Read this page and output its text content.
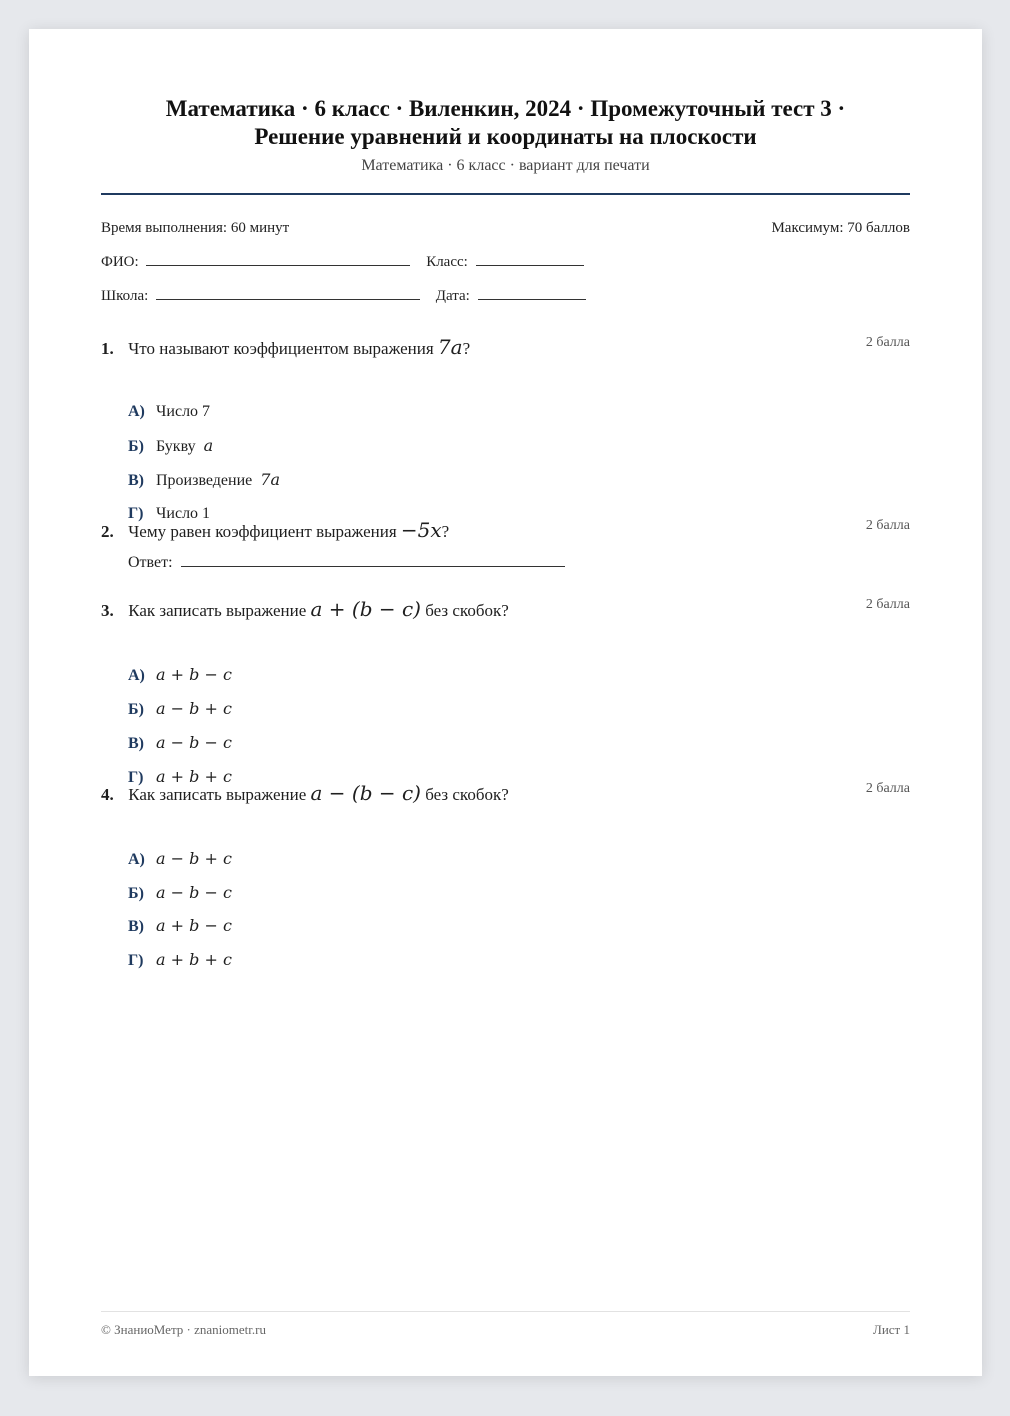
Математика · 6 класс · Виленкин, 2024 · Промежуточный тест 3 ·
Решение уравнений и координаты на плоскости
Математика · 6 класс · вариант для печати
Время выполнения: 60 минут	Максимум: 70 баллов
ФИО:	Класс:
Школа:	Дата:
1. Что называют коэффициентом выражения 7a?	2 балла
А) Число 7
Б) Букву a
В) Произведение 7a
Г) Число 1
2. Чему равен коэффициент выражения −5x?	2 балла
Ответ:
3. Как записать выражение a + (b − c) без скобок?	2 балла
А) a + b − c
Б) a − b + c
В) a − b − c
Г) a + b + c
4. Как записать выражение a − (b − c) без скобок?	2 балла
А) a − b + c
Б) a − b − c
В) a + b − c
Г) a + b + c
© ЗнаниоМетр · znaniometr.ru	Лист 1
